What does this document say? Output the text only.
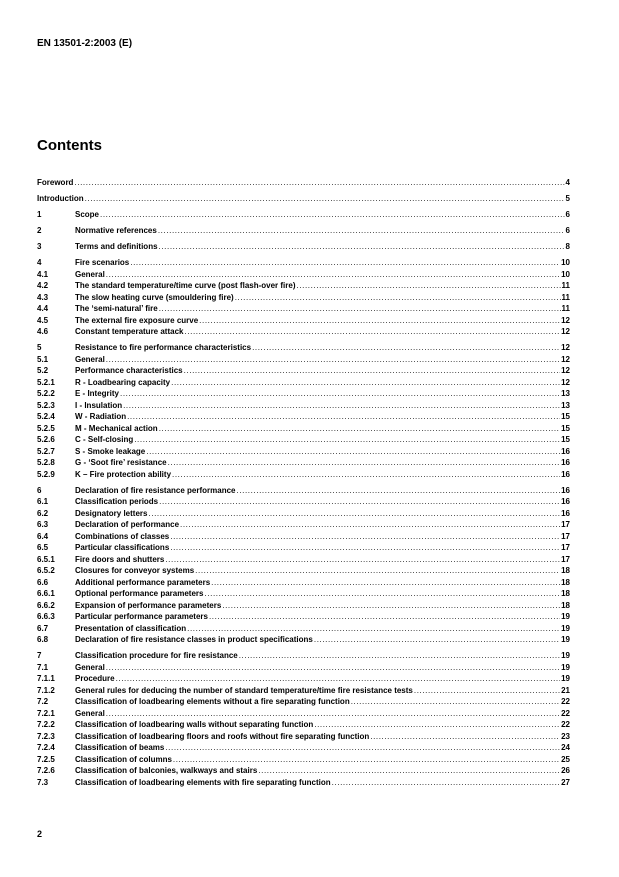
EN 13501-2:2003 (E)
Contents
Foreword .....	4
Introduction .....	5
1	Scope .....	6
2	Normative references .....	6
3	Terms and definitions .....	8
4	Fire scenarios .....	10
4.1	General .....	10
4.2	The standard temperature/time curve (post flash-over fire) .....	11
4.3	The slow heating curve (smouldering fire) .....	11
4.4	The ‘semi-natural’ fire .....	11
4.5	The external fire exposure curve .....	12
4.6	Constant temperature attack .....	12
5	Resistance to fire performance characteristics .....	12
5.1	General .....	12
5.2	Performance characteristics .....	12
5.2.1	R - Loadbearing capacity .....	12
5.2.2	E - Integrity .....	13
5.2.3	I - Insulation .....	13
5.2.4	W - Radiation .....	15
5.2.5	M - Mechanical action .....	15
5.2.6	C - Self-closing .....	15
5.2.7	S - Smoke leakage .....	16
5.2.8	G - ‘Soot fire’ resistance .....	16
5.2.9	K – Fire protection ability .....	16
6	Declaration of fire resistance performance .....	16
6.1	Classification periods .....	16
6.2	Designatory letters .....	16
6.3	Declaration of performance .....	17
6.4	Combinations of classes .....	17
6.5	Particular classifications .....	17
6.5.1	Fire doors and shutters .....	17
6.5.2	Closures for conveyor systems .....	18
6.6	Additional performance parameters .....	18
6.6.1	Optional performance parameters .....	18
6.6.2	Expansion of performance parameters .....	18
6.6.3	Particular performance parameters .....	19
6.7	Presentation of classification .....	19
6.8	Declaration of fire resistance classes in product specifications .....	19
7	Classification procedure for fire resistance .....	19
7.1	General .....	19
7.1.1	Procedure .....	19
7.1.2	General rules for deducing the number of standard temperature/time fire resistance tests .....	21
7.2	Classification of loadbearing elements without a fire separating function .....	22
7.2.1	General .....	22
7.2.2	Classification of loadbearing walls without separating function .....	22
7.2.3	Classification of loadbearing floors and roofs without fire separating function .....	23
7.2.4	Classification of beams .....	24
7.2.5	Classification of columns .....	25
7.2.6	Classification of balconies, walkways and stairs .....	26
7.3	Classification of loadbearing elements with fire separating function .....	27
2
